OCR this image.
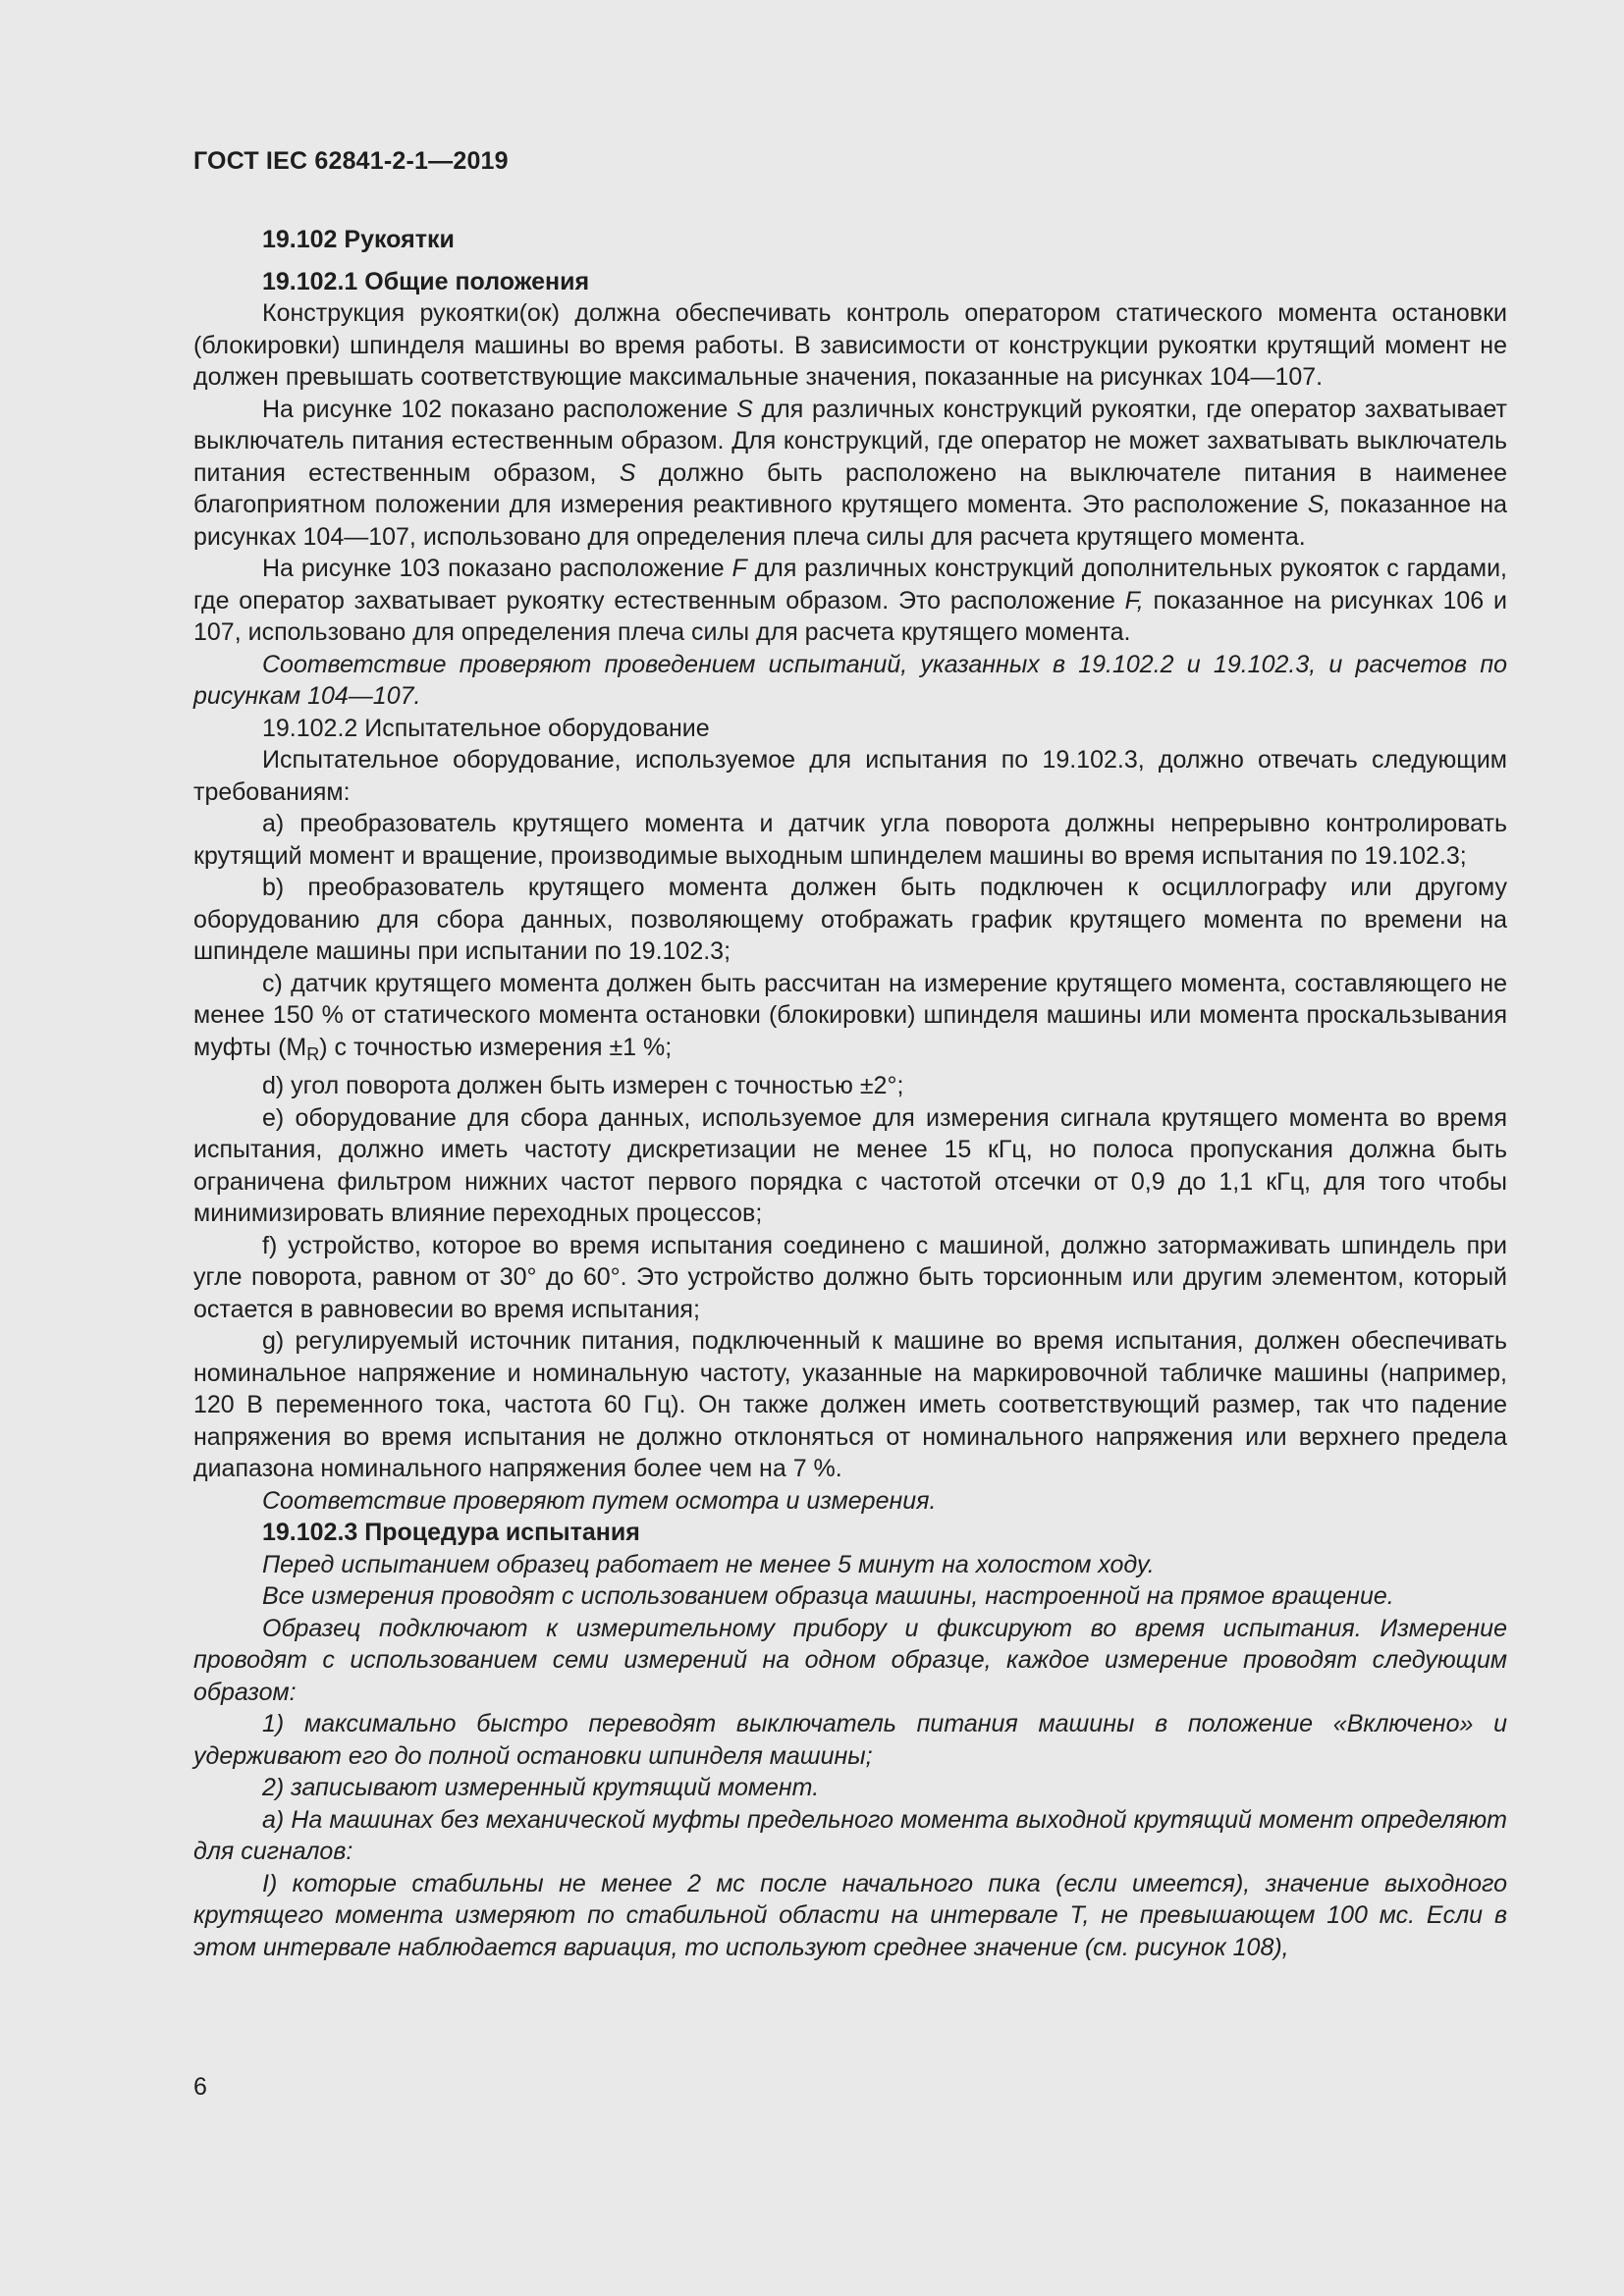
ГОСТ IEC 62841-2-1—2019

19.102 Рукоятки

19.102.1 Общие положения

Конструкция рукоятки(ок) должна обеспечивать контроль оператором статического момента остановки (блокировки) шпинделя машины во время работы. В зависимости от конструкции рукоятки крутящий момент не должен превышать соответствующие максимальные значения, показанные на рисунках 104—107.

На рисунке 102 показано расположение S для различных конструкций рукоятки, где оператор захватывает выключатель питания естественным образом. Для конструкций, где оператор не может захватывать выключатель питания естественным образом, S должно быть расположено на выключателе питания в наименее благоприятном положении для измерения реактивного крутящего момента. Это расположение S, показанное на рисунках 104—107, использовано для определения плеча силы для расчета крутящего момента.

На рисунке 103 показано расположение F для различных конструкций дополнительных рукояток с гардами, где оператор захватывает рукоятку естественным образом. Это расположение F, показанное на рисунках 106 и 107, использовано для определения плеча силы для расчета крутящего момента.

Соответствие проверяют проведением испытаний, указанных в 19.102.2 и 19.102.3, и расчетов по рисункам 104—107.

19.102.2 Испытательное оборудование

Испытательное оборудование, используемое для испытания по 19.102.3, должно отвечать следующим требованиям:

a) преобразователь крутящего момента и датчик угла поворота должны непрерывно контролировать крутящий момент и вращение, производимые выходным шпинделем машины во время испытания по 19.102.3;

b) преобразователь крутящего момента должен быть подключен к осциллографу или другому оборудованию для сбора данных, позволяющему отображать график крутящего момента по времени на шпинделе машины при испытании по 19.102.3;

c) датчик крутящего момента должен быть рассчитан на измерение крутящего момента, составляющего не менее 150 % от статического момента остановки (блокировки) шпинделя машины или момента проскальзывания муфты $(M_R)$ с точностью измерения ±1 %;

d) угол поворота должен быть измерен с точностью ±2°;

e) оборудование для сбора данных, используемое для измерения сигнала крутящего момента во время испытания, должно иметь частоту дискретизации не менее 15 кГц, но полоса пропускания должна быть ограничена фильтром нижних частот первого порядка с частотой отсечки от 0,9 до 1,1 кГц, для того чтобы минимизировать влияние переходных процессов;

f) устройство, которое во время испытания соединено с машиной, должно затормаживать шпиндель при угле поворота, равном от 30° до 60°. Это устройство должно быть торсионным или другим элементом, который остается в равновесии во время испытания;

g) регулируемый источник питания, подключенный к машине во время испытания, должен обеспечивать номинальное напряжение и номинальную частоту, указанные на маркировочной табличке машины (например, 120 В переменного тока, частота 60 Гц). Он также должен иметь соответствующий размер, так что падение напряжения во время испытания не должно отклоняться от номинального напряжения или верхнего предела диапазона номинального напряжения более чем на 7 %.

Соответствие проверяют путем осмотра и измерения.

19.102.3 Процедура испытания

Перед испытанием образец работает не менее 5 минут на холостом ходу.

Все измерения проводят с использованием образца машины, настроенной на прямое вращение.

Образец подключают к измерительному прибору и фиксируют во время испытания. Измерение проводят с использованием семи измерений на одном образце, каждое измерение проводят следующим образом:

1) максимально быстро переводят выключатель питания машины в положение «Включено» и удерживают его до полной остановки шпинделя машины;

2) записывают измеренный крутящий момент.

a) На машинах без механической муфты предельного момента выходной крутящий момент определяют для сигналов:

I) которые стабильны не менее 2 мс после начального пика (если имеется), значение выходного крутящего момента измеряют по стабильной области на интервале T, не превышающем 100 мс. Если в этом интервале наблюдается вариация, то используют среднее значение (см. рисунок 108),

6
